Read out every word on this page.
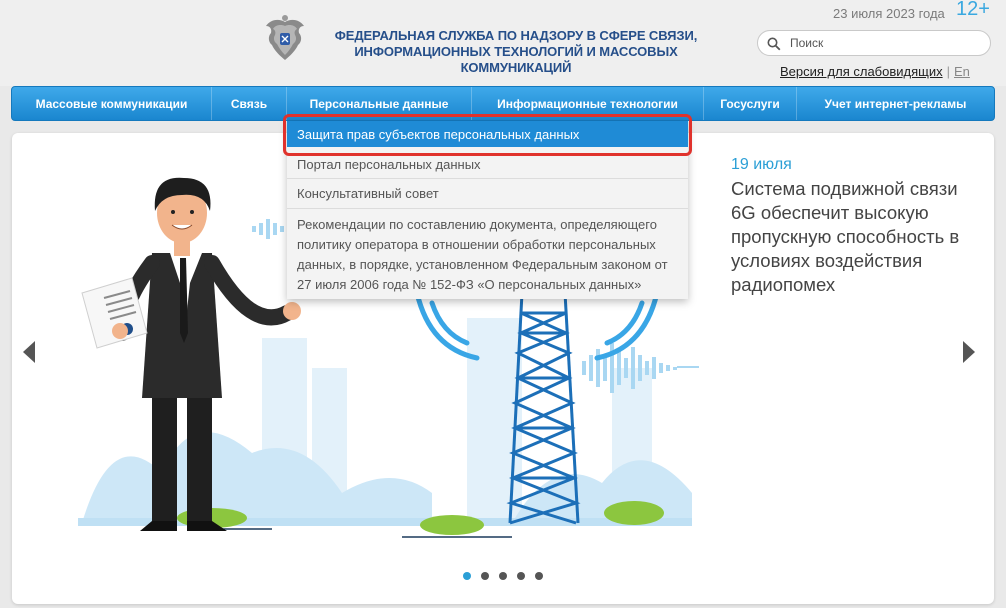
ФЕДЕРАЛЬНАЯ СЛУЖБА ПО НАДЗОРУ В СФЕРЕ СВЯЗИ,
ИНФОРМАЦИОННЫХ ТЕХНОЛОГИЙ И МАССОВЫХ КОММУНИКАЦИЙ
23 июля 2023 года 12+
Поиск
Версия для слабовидящих | En
Массовые коммуникации	Связь	Персональные данные	Информационные технологии	Госуслуги	Учет интернет-рекламы
19 июля
Система подвижной связи 6G обеспечит высокую пропускную способность в условиях воздействия радиопомех
Защита прав субъектов персональных данных
Портал персональных данных
Консультативный совет
Рекомендации по составлению документа, определяющего политику оператора в отношении обработки персональных данных, в порядке, установленном Федеральным законом от 27 июля 2006 года № 152-ФЗ «О персональных данных»
